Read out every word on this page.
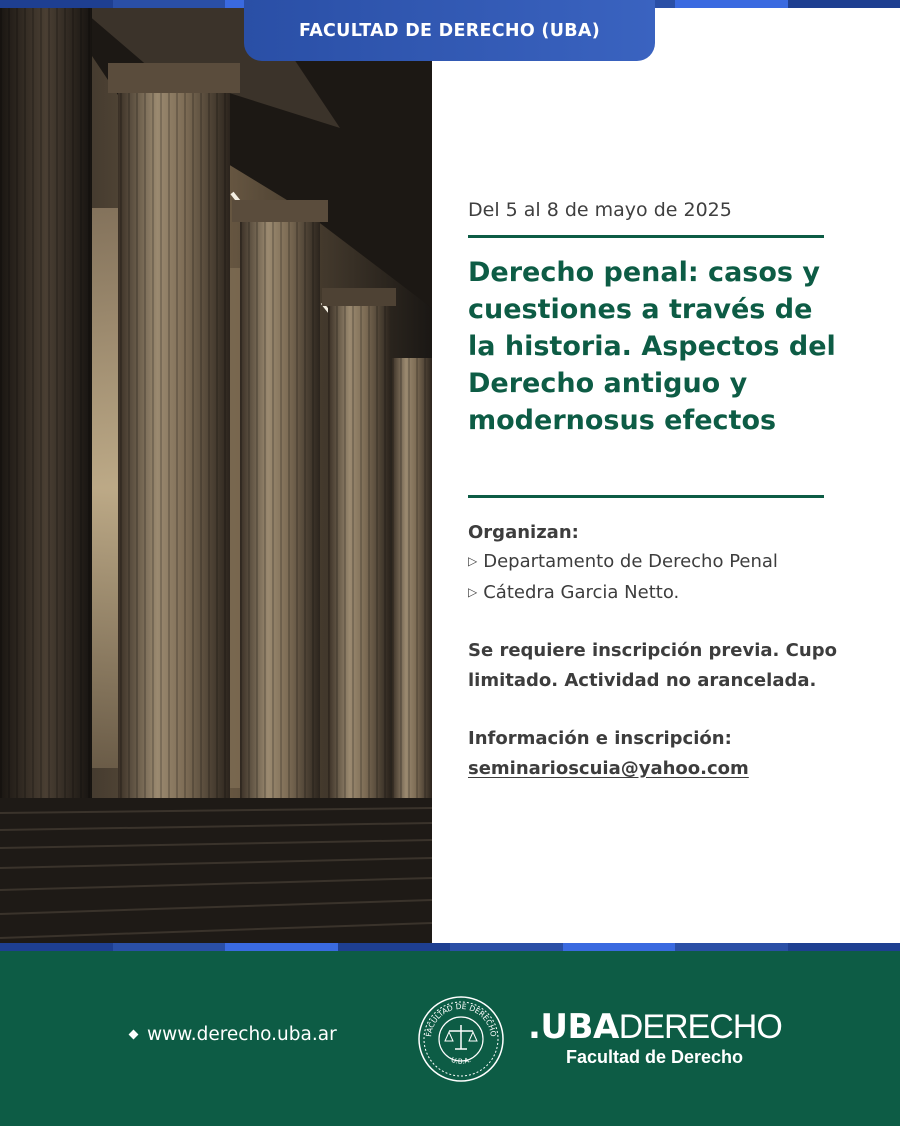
FACULTAD DE DERECHO (UBA)

Del 5 al 8 de mayo de 2025

Derecho penal: casos y cuestiones a través de la historia. Aspectos del Derecho antiguo y modernosus efectos
Organizan:
▷ Departamento de Derecho Penal
▷ Cátedra Garcia Netto.

Se requiere inscripción previa. Cupo limitado. Actividad no arancelada.

Información e inscripción:
seminarioscuia@yahoo.com
www.derecho.uba.ar	FACULTAD DE DERECHO
U.B.A.
.UBADERECHO
Facultad de Derecho
